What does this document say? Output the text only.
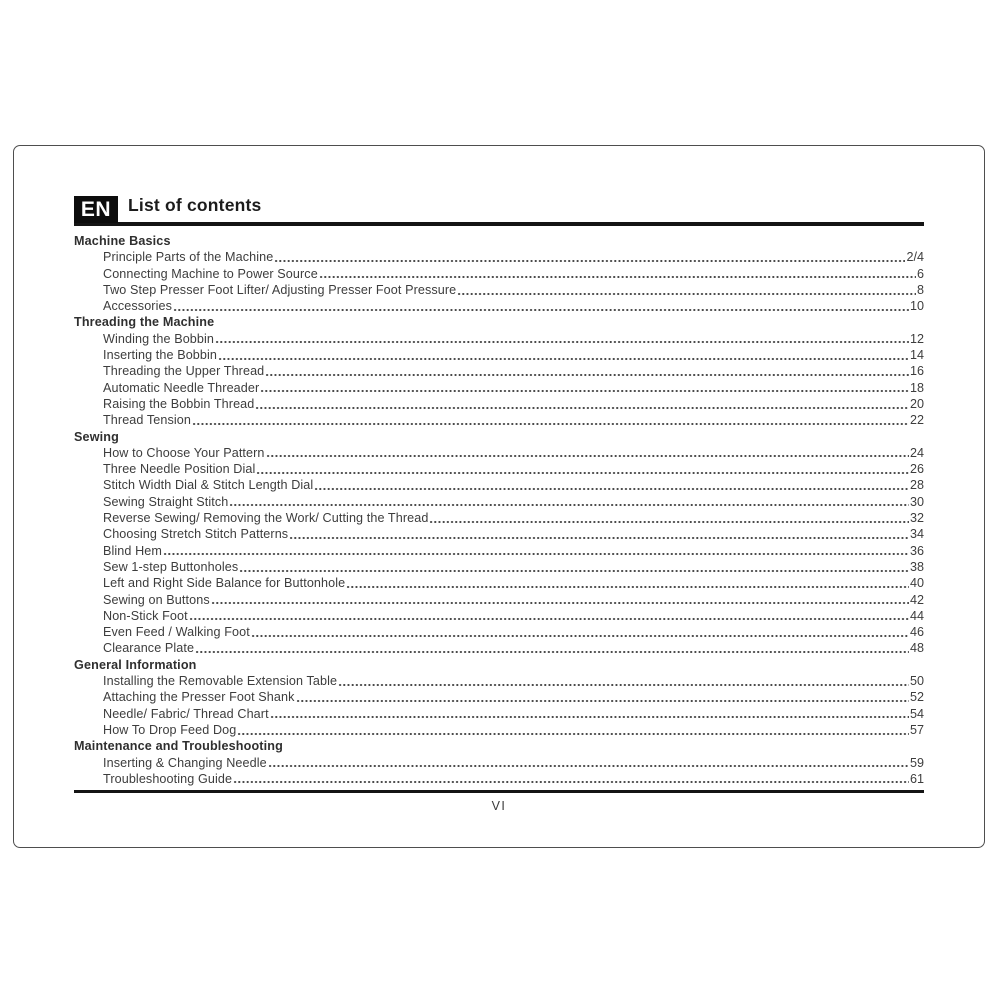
EN List of contents
Machine Basics
Principle Parts of the Machine	2/4
Connecting Machine to Power Source	6
Two Step Presser Foot Lifter/ Adjusting Presser Foot Pressure	8
Accessories	10
Threading the Machine
Winding the Bobbin	12
Inserting the Bobbin	14
Threading the Upper Thread	16
Automatic Needle Threader	18
Raising the Bobbin Thread	20
Thread Tension	22
Sewing
How to Choose Your Pattern	24
Three Needle Position Dial	26
Stitch Width Dial & Stitch Length Dial	28
Sewing Straight Stitch	30
Reverse Sewing/ Removing the Work/ Cutting the Thread	32
Choosing Stretch Stitch Patterns	34
Blind Hem	36
Sew 1-step Buttonholes	38
Left and Right Side Balance for Buttonhole	40
Sewing on Buttons	42
Non-Stick Foot	44
Even Feed / Walking Foot	46
Clearance Plate	48
General Information
Installing the Removable Extension Table	50
Attaching the Presser Foot Shank	52
Needle/ Fabric/ Thread Chart	54
How To Drop Feed Dog	57
Maintenance and Troubleshooting
Inserting & Changing Needle	59
Troubleshooting Guide	61
VI
